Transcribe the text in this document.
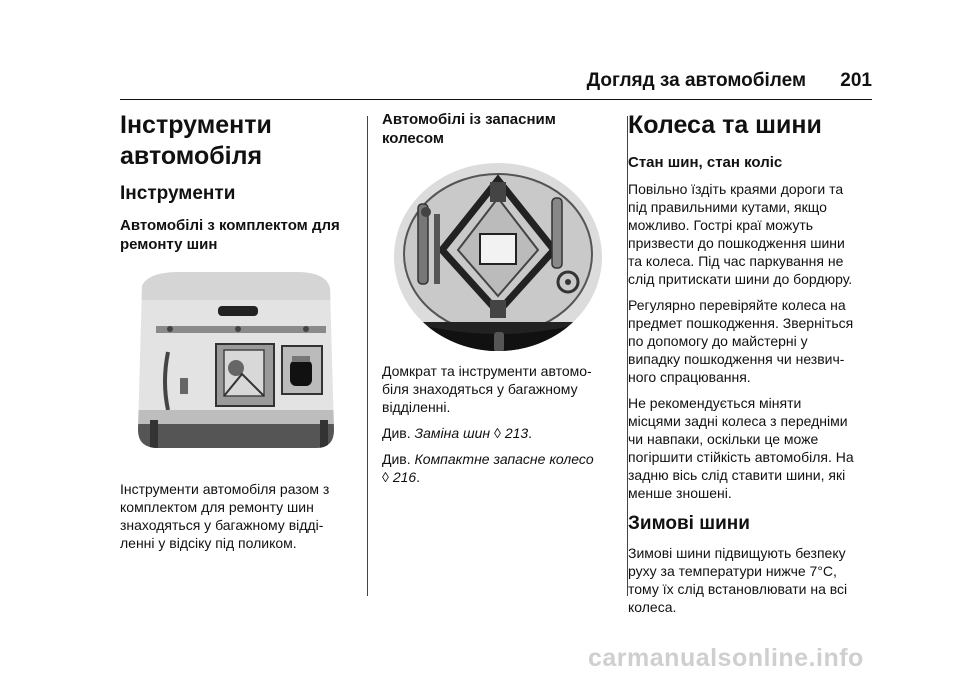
Догляд за автомобілем 201
Інструменти
автомобіля
Інструменти
Автомобілі з комплектом для
ремонту шин
Інструменти автомобіля разом з
комплектом для ремонту шин
знаходяться у багажному відді-
ленні у відсіку під поликом.
Автомобілі із запасним
колесом
Домкрат та інструменти автомо-
біля знаходяться у багажному
відділенні.
Див. Заміна шин ◊ 213.
Див. Компактне запасне колесо
◊ 216.
Колеса та шини
Стан шин, стан коліс
Повільно їздіть краями дороги та
під правильними кутами, якщо
можливо. Гострі краї можуть
призвести до пошкодження шини
та колеса. Під час паркування не
слід притискати шини до бордюру.
Регулярно перевіряйте колеса на
предмет пошкодження. Зверніться
по допомогу до майстерні у
випадку пошкодження чи незвич-
ного спрацювання.
Не рекомендується міняти
місцями задні колеса з передніми
чи навпаки, оскільки це може
погіршити стійкість автомобіля. На
задню вісь слід ставити шини, які
менше зношені.
Зимові шини
Зимові шини підвищують безпеку
руху за температури нижче 7°C,
тому їх слід встановлювати на всі
колеса.
carmanualsonline.info
